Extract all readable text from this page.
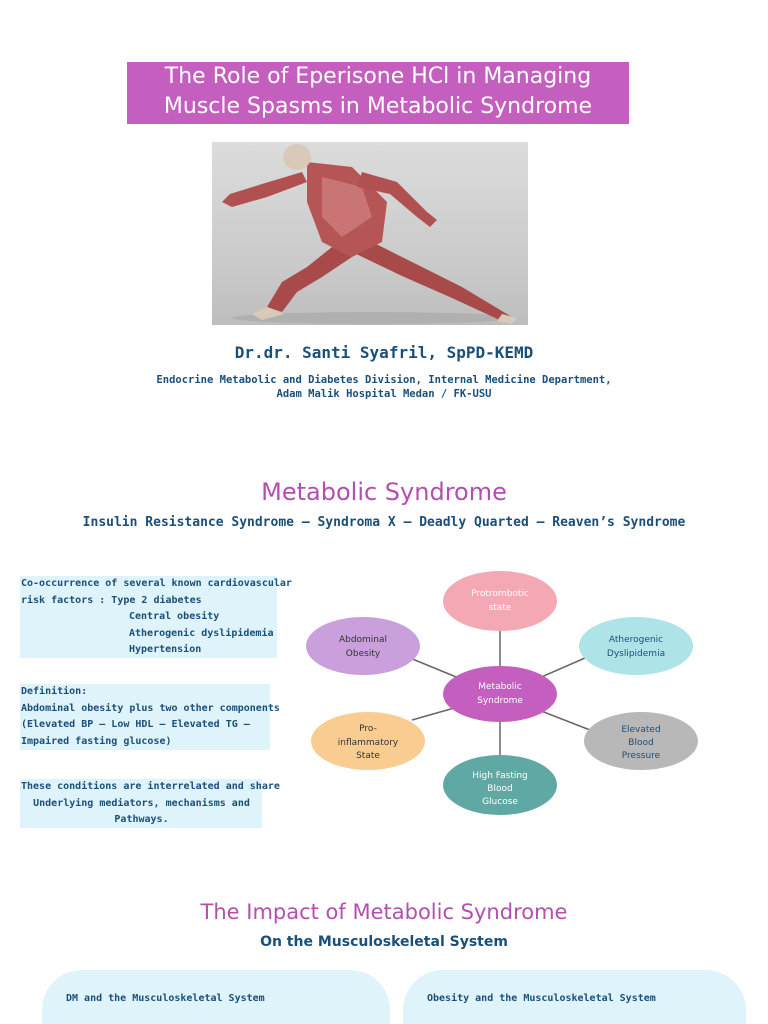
The Role of Eperisone HCl in Managing
Muscle Spasms in Metabolic Syndrome
Dr.dr. Santi Syafril, SpPD-KEMD
Endocrine Metabolic and Diabetes Division, Internal Medicine Department,
Adam Malik Hospital Medan / FK-USU
Metabolic Syndrome
Insulin Resistance Syndrome – Syndroma X – Deadly Quarted – Reaven’s Syndrome
Co-occurrence of several known cardiovascular
risk factors : Type 2 diabetes
Central obesity
Atherogenic dyslipidemia
Hypertension
Definition:
Abdominal obesity plus two other components
(Elevated BP – Low HDL – Elevated TG –
Impaired fasting glucose)
These conditions are interrelated and share
Underlying mediators, mechanisms and
Pathways.
Protrombotic
state
Abdominal
Obesity
Atherogenic
Dyslipidemia
Metabolic
Syndrome
Pro-
inflammatory
State
Elevated
Blood
Pressure
High Fasting
Blood
Glucose
The Impact of Metabolic Syndrome
On the Musculoskeletal System
DM and the Musculoskeletal System	Obesity and the Musculoskeletal System
